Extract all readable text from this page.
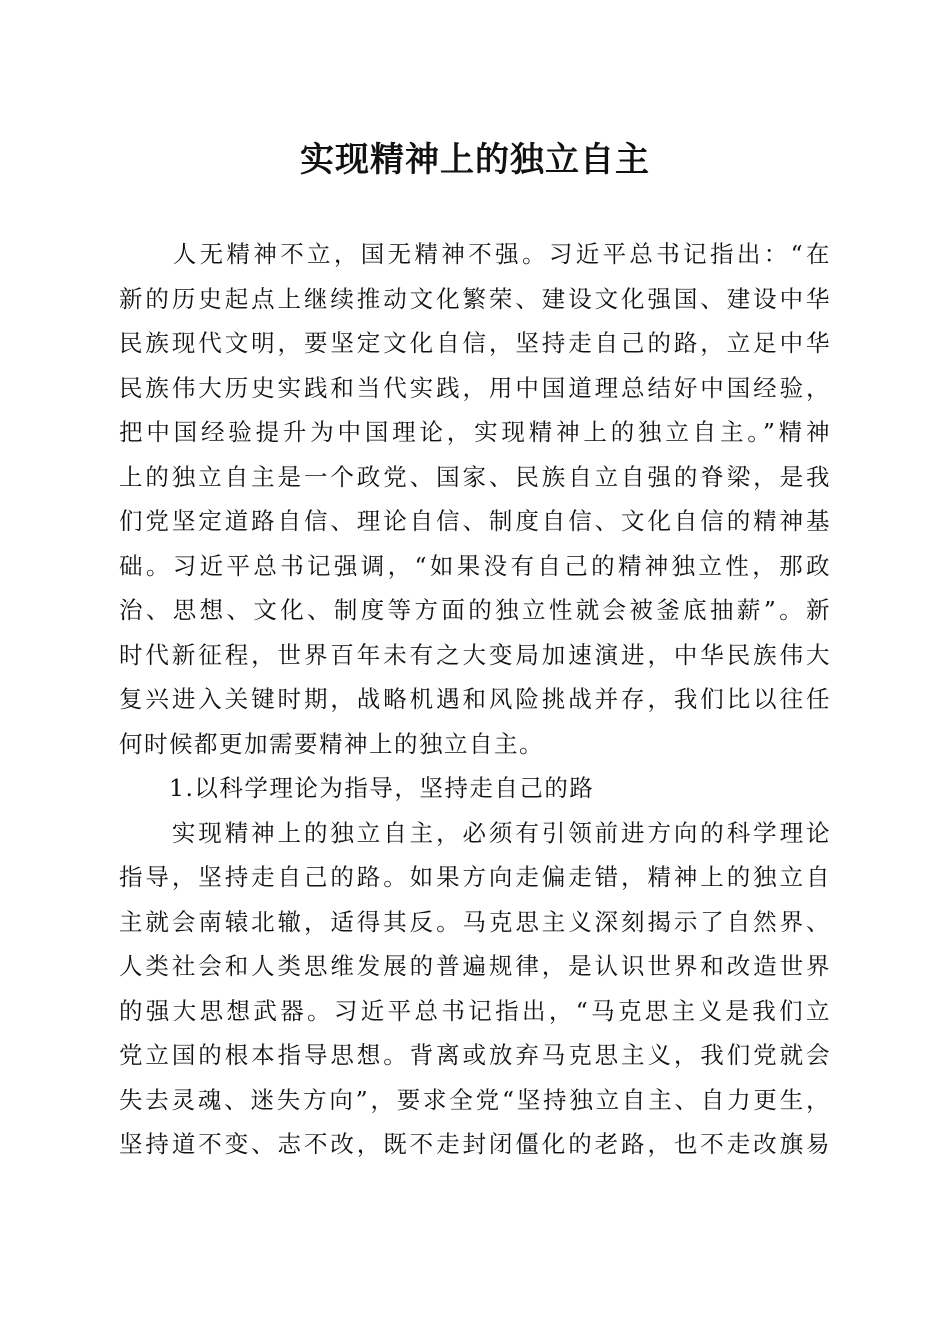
实现精神上的独立自主
　　人无精神不立，国无精神不强。习近平总书记指出：“在
新的历史起点上继续推动文化繁荣、建设文化强国、建设中华
民族现代文明，要坚定文化自信，坚持走自己的路，立足中华
民族伟大历史实践和当代实践，用中国道理总结好中国经验，
把中国经验提升为中国理论，实现精神上的独立自主。”精神
上的独立自主是一个政党、国家、民族自立自强的脊梁，是我
们党坚定道路自信、理论自信、制度自信、文化自信的精神基
础。习近平总书记强调，“如果没有自己的精神独立性，那政
治、思想、文化、制度等方面的独立性就会被釜底抽薪”。新
时代新征程，世界百年未有之大变局加速演进，中华民族伟大
复兴进入关键时期，战略机遇和风险挑战并存，我们比以往任
何时候都更加需要精神上的独立自主。
　　1.以科学理论为指导，坚持走自己的路
　　实现精神上的独立自主，必须有引领前进方向的科学理论
指导，坚持走自己的路。如果方向走偏走错，精神上的独立自
主就会南辕北辙，适得其反。马克思主义深刻揭示了自然界、
人类社会和人类思维发展的普遍规律，是认识世界和改造世界
的强大思想武器。习近平总书记指出，“马克思主义是我们立
党立国的根本指导思想。背离或放弃马克思主义，我们党就会
失去灵魂、迷失方向”，要求全党“坚持独立自主、自力更生，
坚持道不变、志不改，既不走封闭僵化的老路，也不走改旗易
